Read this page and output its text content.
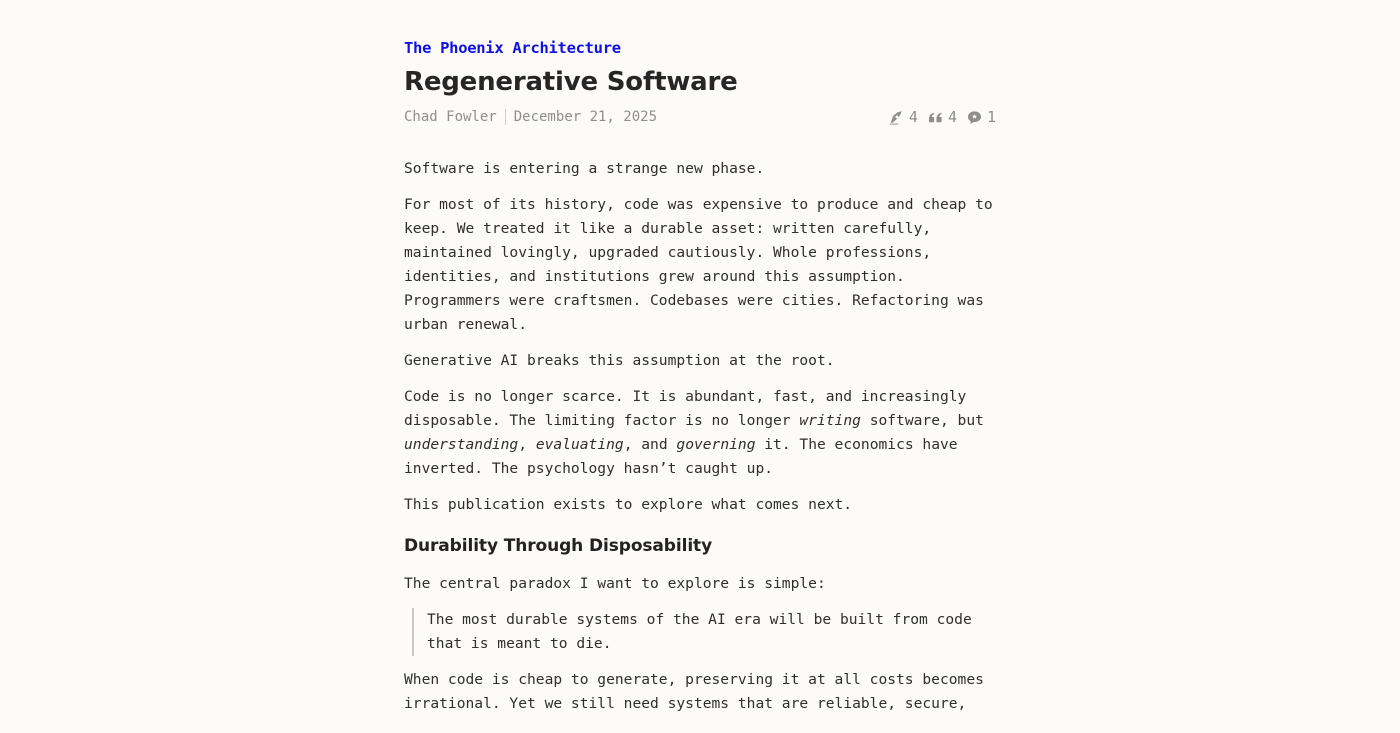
The Phoenix Architecture
Regenerative Software
Chad Fowler December 21, 2025	4 4 1

Software is entering a strange new phase.

For most of its history, code was expensive to produce and cheap to keep. We treated it like a durable asset: written carefully, maintained lovingly, upgraded cautiously. Whole professions, identities, and institutions grew around this assumption. Programmers were craftsmen. Codebases were cities. Refactoring was urban renewal.

Generative AI breaks this assumption at the root.

Code is no longer scarce. It is abundant, fast, and increasingly disposable. The limiting factor is no longer writing software, but understanding, evaluating, and governing it. The economics have inverted. The psychology hasn’t caught up.

This publication exists to explore what comes next.

Durability Through Disposability

The central paradox I want to explore is simple:

The most durable systems of the AI era will be built from code that is meant to die.

When code is cheap to generate, preserving it at all costs becomes irrational. Yet we still need systems that are reliable, secure,
